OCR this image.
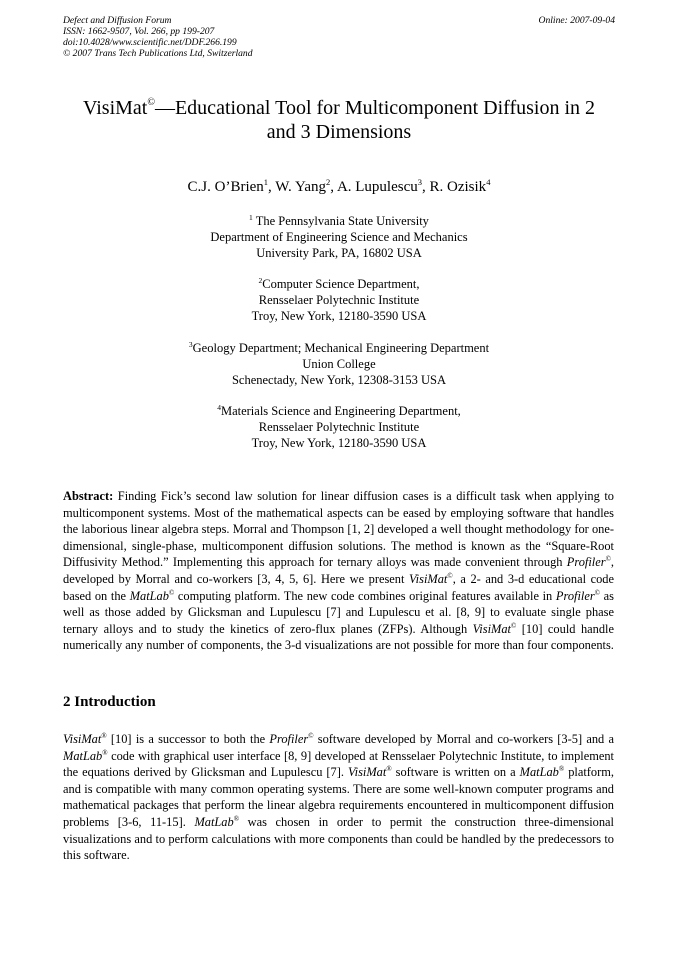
Defect and Diffusion Forum
ISSN: 1662-9507, Vol. 266, pp 199-207
doi:10.4028/www.scientific.net/DDF.266.199
© 2007 Trans Tech Publications Ltd, Switzerland
Online: 2007-09-04
VisiMat©—Educational Tool for Multicomponent Diffusion in 2
and 3 Dimensions
C.J. O’Brien$^1$, W. Yang$^2$, A. Lupulescu$^3$, R. Ozisik$^4$
$^1$ The Pennsylvania State University
Department of Engineering Science and Mechanics
University Park, PA, 16802 USA
$^2$Computer Science Department,
Rensselaer Polytechnic Institute
Troy, New York, 12180-3590 USA
$^3$Geology Department; Mechanical Engineering Department
Union College
Schenectady, New York, 12308-3153 USA
$^4$Materials Science and Engineering Department,
Rensselaer Polytechnic Institute
Troy, New York, 12180-3590 USA
Abstract: Finding Fick’s second law solution for linear diffusion cases is a difficult task when applying to multicomponent systems. Most of the mathematical aspects can be eased by employing software that handles the laborious linear algebra steps. Morral and Thompson [1, 2] developed a well thought methodology for one-dimensional, single-phase, multicomponent diffusion solutions. The method is known as the “Square-Root Diffusivity Method.” Implementing this approach for ternary alloys was made convenient through Profiler©, developed by Morral and co-workers [3, 4, 5, 6]. Here we present VisiMat©, a 2- and 3-d educational code based on the MatLab© computing platform. The new code combines original features available in Profiler© as well as those added by Glicksman and Lupulescu [7] and Lupulescu et al. [8, 9] to evaluate single phase ternary alloys and to study the kinetics of zero-flux planes (ZFPs). Although VisiMat© [10] could handle numerically any number of components, the 3-d visualizations are not possible for more than four components.
2 Introduction
VisiMat® [10] is a successor to both the Profiler© software developed by Morral and co-workers [3-5] and a MatLab® code with graphical user interface [8, 9] developed at Rensselaer Polytechnic Institute, to implement the equations derived by Glicksman and Lupulescu [7]. VisiMat® software is written on a MatLab® platform, and is compatible with many common operating systems. There are some well-known computer programs and mathematical packages that perform the linear algebra requirements encountered in multicomponent diffusion problems [3-6, 11-15]. MatLab® was chosen in order to permit the construction three-dimensional visualizations and to perform calculations with more components than could be handled by the predecessors to this software.
